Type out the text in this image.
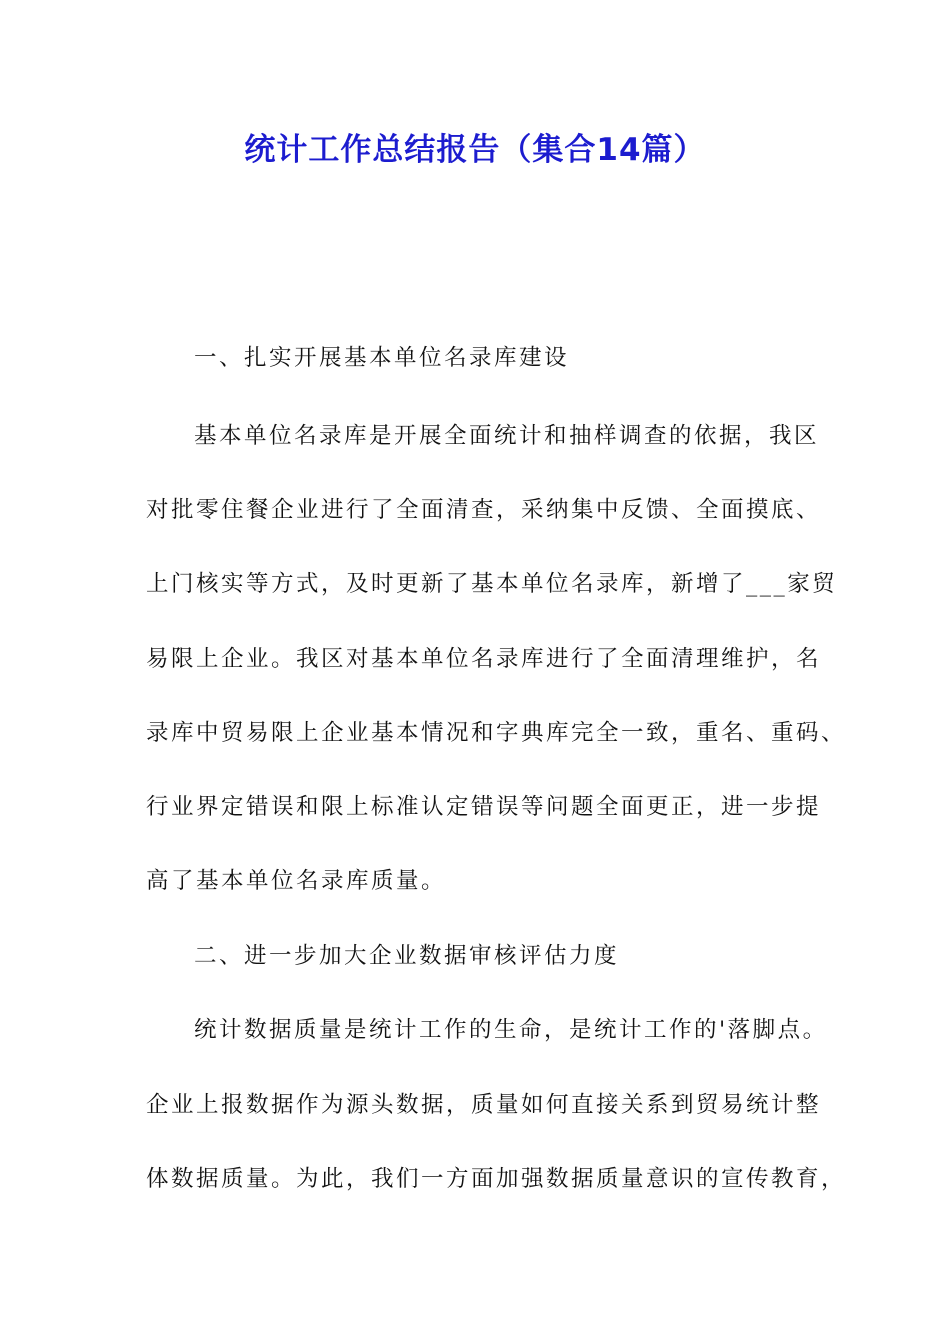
统计工作总结报告（集合14篇）
一、扎实开展基本单位名录库建设
基本单位名录库是开展全面统计和抽样调查的依据，我区
对批零住餐企业进行了全面清查，采纳集中反馈、全面摸底、
上门核实等方式，及时更新了基本单位名录库，新增了___家贸
易限上企业。我区对基本单位名录库进行了全面清理维护，名
录库中贸易限上企业基本情况和字典库完全一致，重名、重码、
行业界定错误和限上标准认定错误等问题全面更正，进一步提
高了基本单位名录库质量。
二、进一步加大企业数据审核评估力度
统计数据质量是统计工作的生命，是统计工作的'落脚点。
企业上报数据作为源头数据，质量如何直接关系到贸易统计整
体数据质量。为此，我们一方面加强数据质量意识的宣传教育，
